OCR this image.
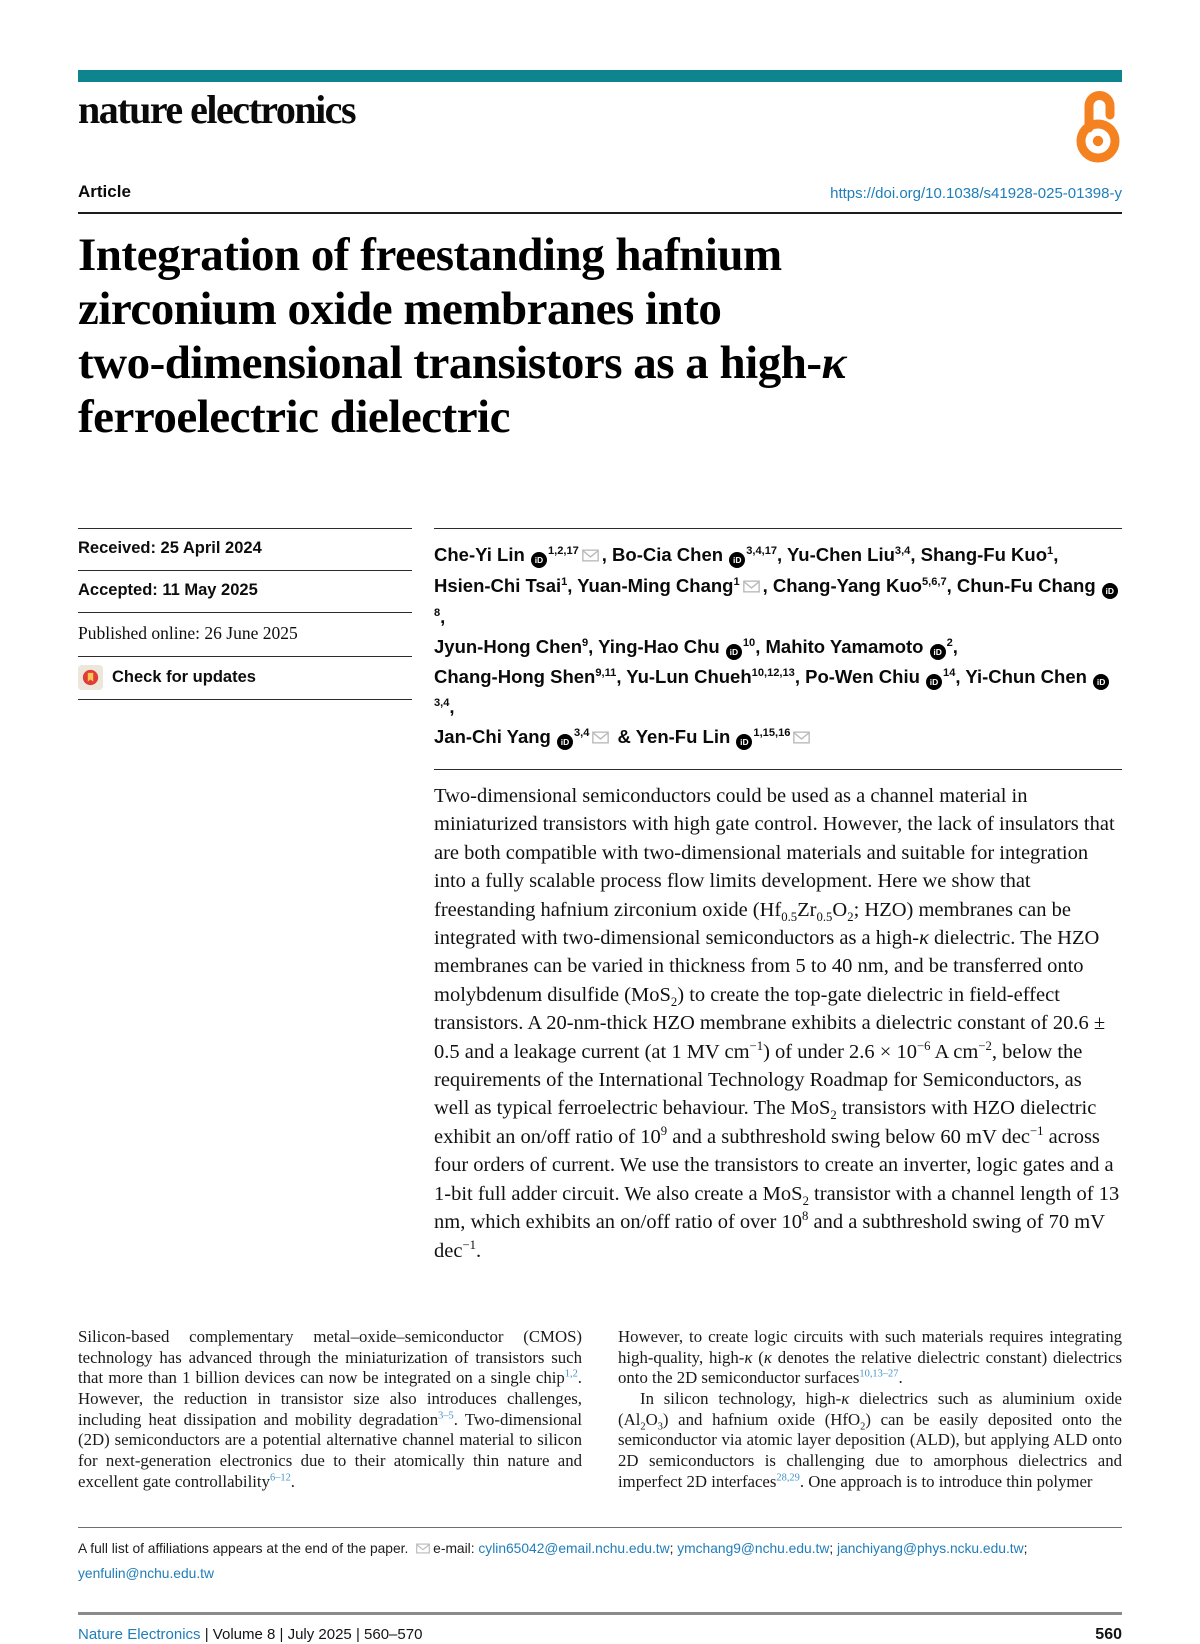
nature electronics
Article	https://doi.org/10.1038/s41928-025-01398-y
Integration of freestanding hafnium
zirconium oxide membranes into
two-dimensional transistors as a high-κ
ferroelectric dielectric
Received: 25 April 2024
Accepted: 11 May 2025
Published online: 26 June 2025
Check for updates
Che-Yi Lin iD$^{1,2,17}$ , Bo-Cia Chen iD$^{3,4,17}$, Yu-Chen Liu$^{3,4}$, Shang-Fu Kuo$^1$,
Hsien-Chi Tsai$^1$, Yuan-Ming Chang$^1$ , Chang-Yang Kuo$^{5,6,7}$, Chun-Fu Chang $iD^8$,
Jyun-Hong Chen$^9$, Ying-Hao Chu $iD^{10}$, Mahito Yamamoto $iD^2$,
Chang-Hong Shen$^{9,11}$, Yu-Lun Chueh$^{10,12,13}$, Po-Wen Chiu $iD^{14}$, Yi-Chun Chen iD$^{3,4}$,
Jan-Chi Yang iD$^{3,4}$ & Yen-Fu Lin iD$^{1,15,16}$
Two-dimensional semiconductors could be used as a channel material in miniaturized transistors with high gate control. However, the lack of insulators that are both compatible with two-dimensional materials and suitable for integration into a fully scalable process flow limits development. Here we show that freestanding hafnium zirconium oxide ($Hf_{0.5}Zr_{0.5}O_2$; HZO) membranes can be integrated with two-dimensional semiconductors as a high-κ dielectric. The HZO membranes can be varied in thickness from 5 to 40 nm, and be transferred onto molybdenum disulfide (MoS$_2$) to create the top-gate dielectric in field-effect transistors. A 20-nm-thick HZO membrane exhibits a dielectric constant of 20.6 ± 0.5 and a leakage current (at 1 MV $cm^{-1}$) of under $2.6 \times 10^{-6}$ A $cm^{-2}$, below the requirements of the International Technology Roadmap for Semiconductors, as well as typical ferroelectric behaviour. The MoS$_2$ transistors with HZO dielectric exhibit an on/off ratio of $10^9$ and a subthreshold swing below 60 mV dec$^{-1}$ across four orders of current. We use the transistors to create an inverter, logic gates and a 1-bit full adder circuit. We also create a MoS$_2$ transistor with a channel length of 13 nm, which exhibits an on/off ratio of over $10^8$ and a subthreshold swing of 70 mV dec$^{-1}$.

Silicon-based complementary metal–oxide–semiconductor (CMOS) technology has advanced through the miniaturization of transistors such that more than 1 billion devices can now be integrated on a single chip$^{1,2}$. However, the reduction in transistor size also introduces challenges, including heat dissipation and mobility degradation$^{3-5}$. Two-dimensional (2D) semiconductors are a potential alternative channel material to silicon for next-generation electronics due to their atomically thin nature and excellent gate controllability$^{6-12}$.

However, to create logic circuits with such materials requires integrating high-quality, high-κ (κ denotes the relative dielectric constant) dielectrics onto the 2D semiconductor surfaces$^{10,13-27}$.

In silicon technology, high-κ dielectrics such as aluminium oxide $(Al_2O_3)$ and hafnium oxide (HfO$_2$) can be easily deposited onto the semiconductor via atomic layer deposition (ALD), but applying ALD onto 2D semiconductors is challenging due to amorphous dielectrics and imperfect 2D interfaces$^{28,29}$. One approach is to introduce thin polymer

A full list of affiliations appears at the end of the paper. e-mail: cylin65042@email.nchu.edu.tw; ymchang9@nchu.edu.tw; janchiyang@phys.ncku.edu.tw; yenfulin@nchu.edu.tw
Nature Electronics | Volume 8 | July 2025 | 560–570	560
